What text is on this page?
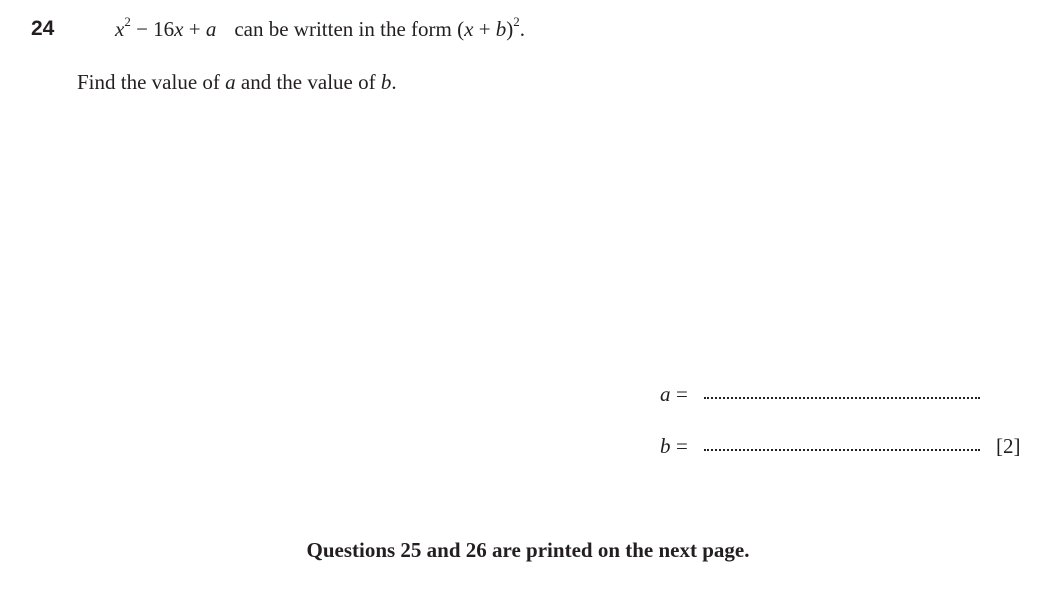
24	$x^2 - 16x + a$ can be written in the form $(x + b)^2$.
Find the value of a and the value of b.
a =
b =	[2]
Questions 25 and 26 are printed on the next page.
